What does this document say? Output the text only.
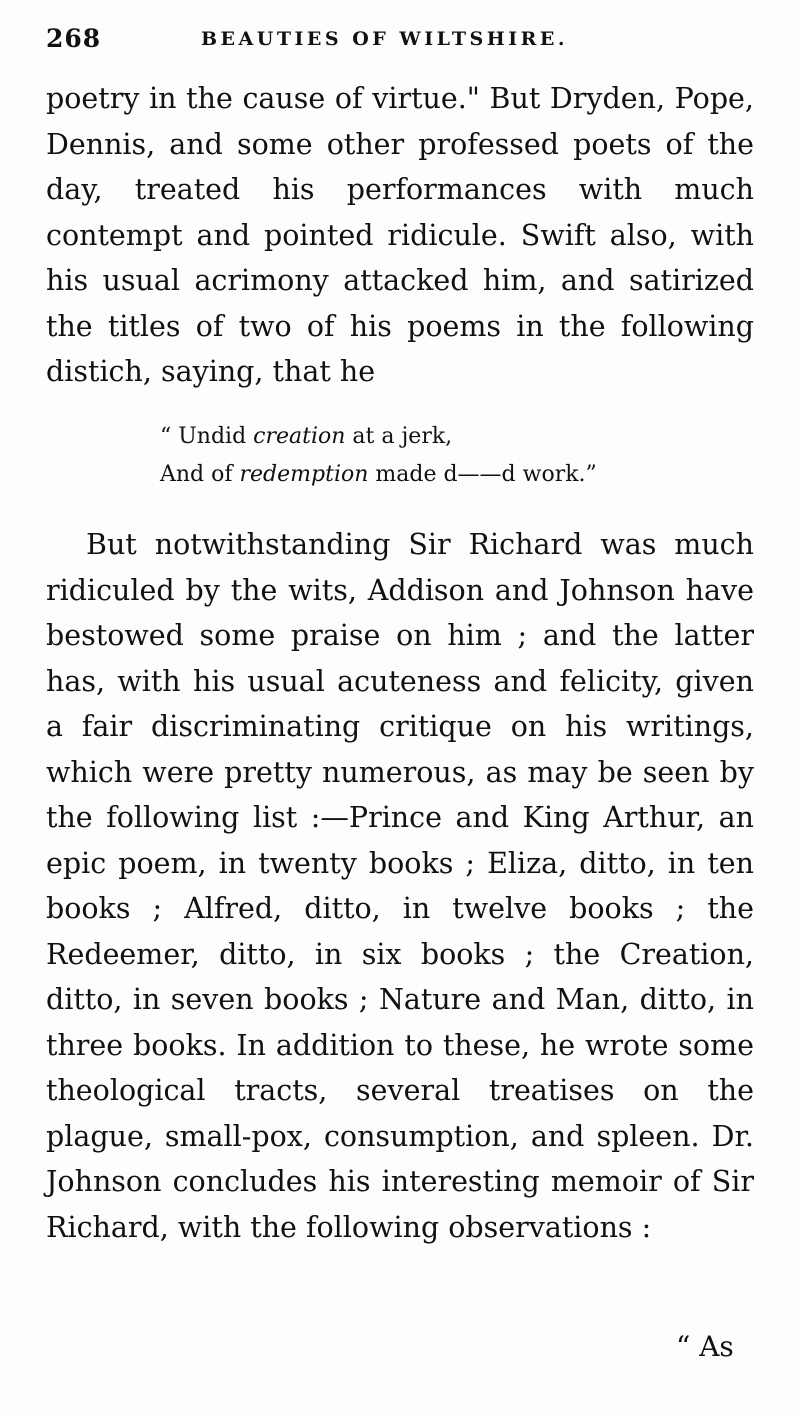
268	BEAUTIES OF WILTSHIRE.

poetry in the cause of virtue." But Dryden, Pope, Dennis, and some other professed poets of the day, treated his performances with much contempt and pointed ridicule. Swift also, with his usual acrimony attacked him, and satirized the titles of two of his poems in the following distich, saying, that he

“ Undid creation at a jerk,
And of redemption made d——d work.”

But notwithstanding Sir Richard was much ridiculed by the wits, Addison and Johnson have bestowed some praise on him ; and the latter has, with his usual acuteness and felicity, given a fair discriminating critique on his writings, which were pretty numerous, as may be seen by the following list :—Prince and King Arthur, an epic poem, in twenty books ; Eliza, ditto, in ten books ; Alfred, ditto, in twelve books ; the Redeemer, ditto, in six books ; the Creation, ditto, in seven books ; Nature and Man, ditto, in three books. In addition to these, he wrote some theological tracts, several treatises on the plague, small-pox, consumption, and spleen. Dr. Johnson concludes his interesting memoir of Sir Richard, with the following observations :

“ As
